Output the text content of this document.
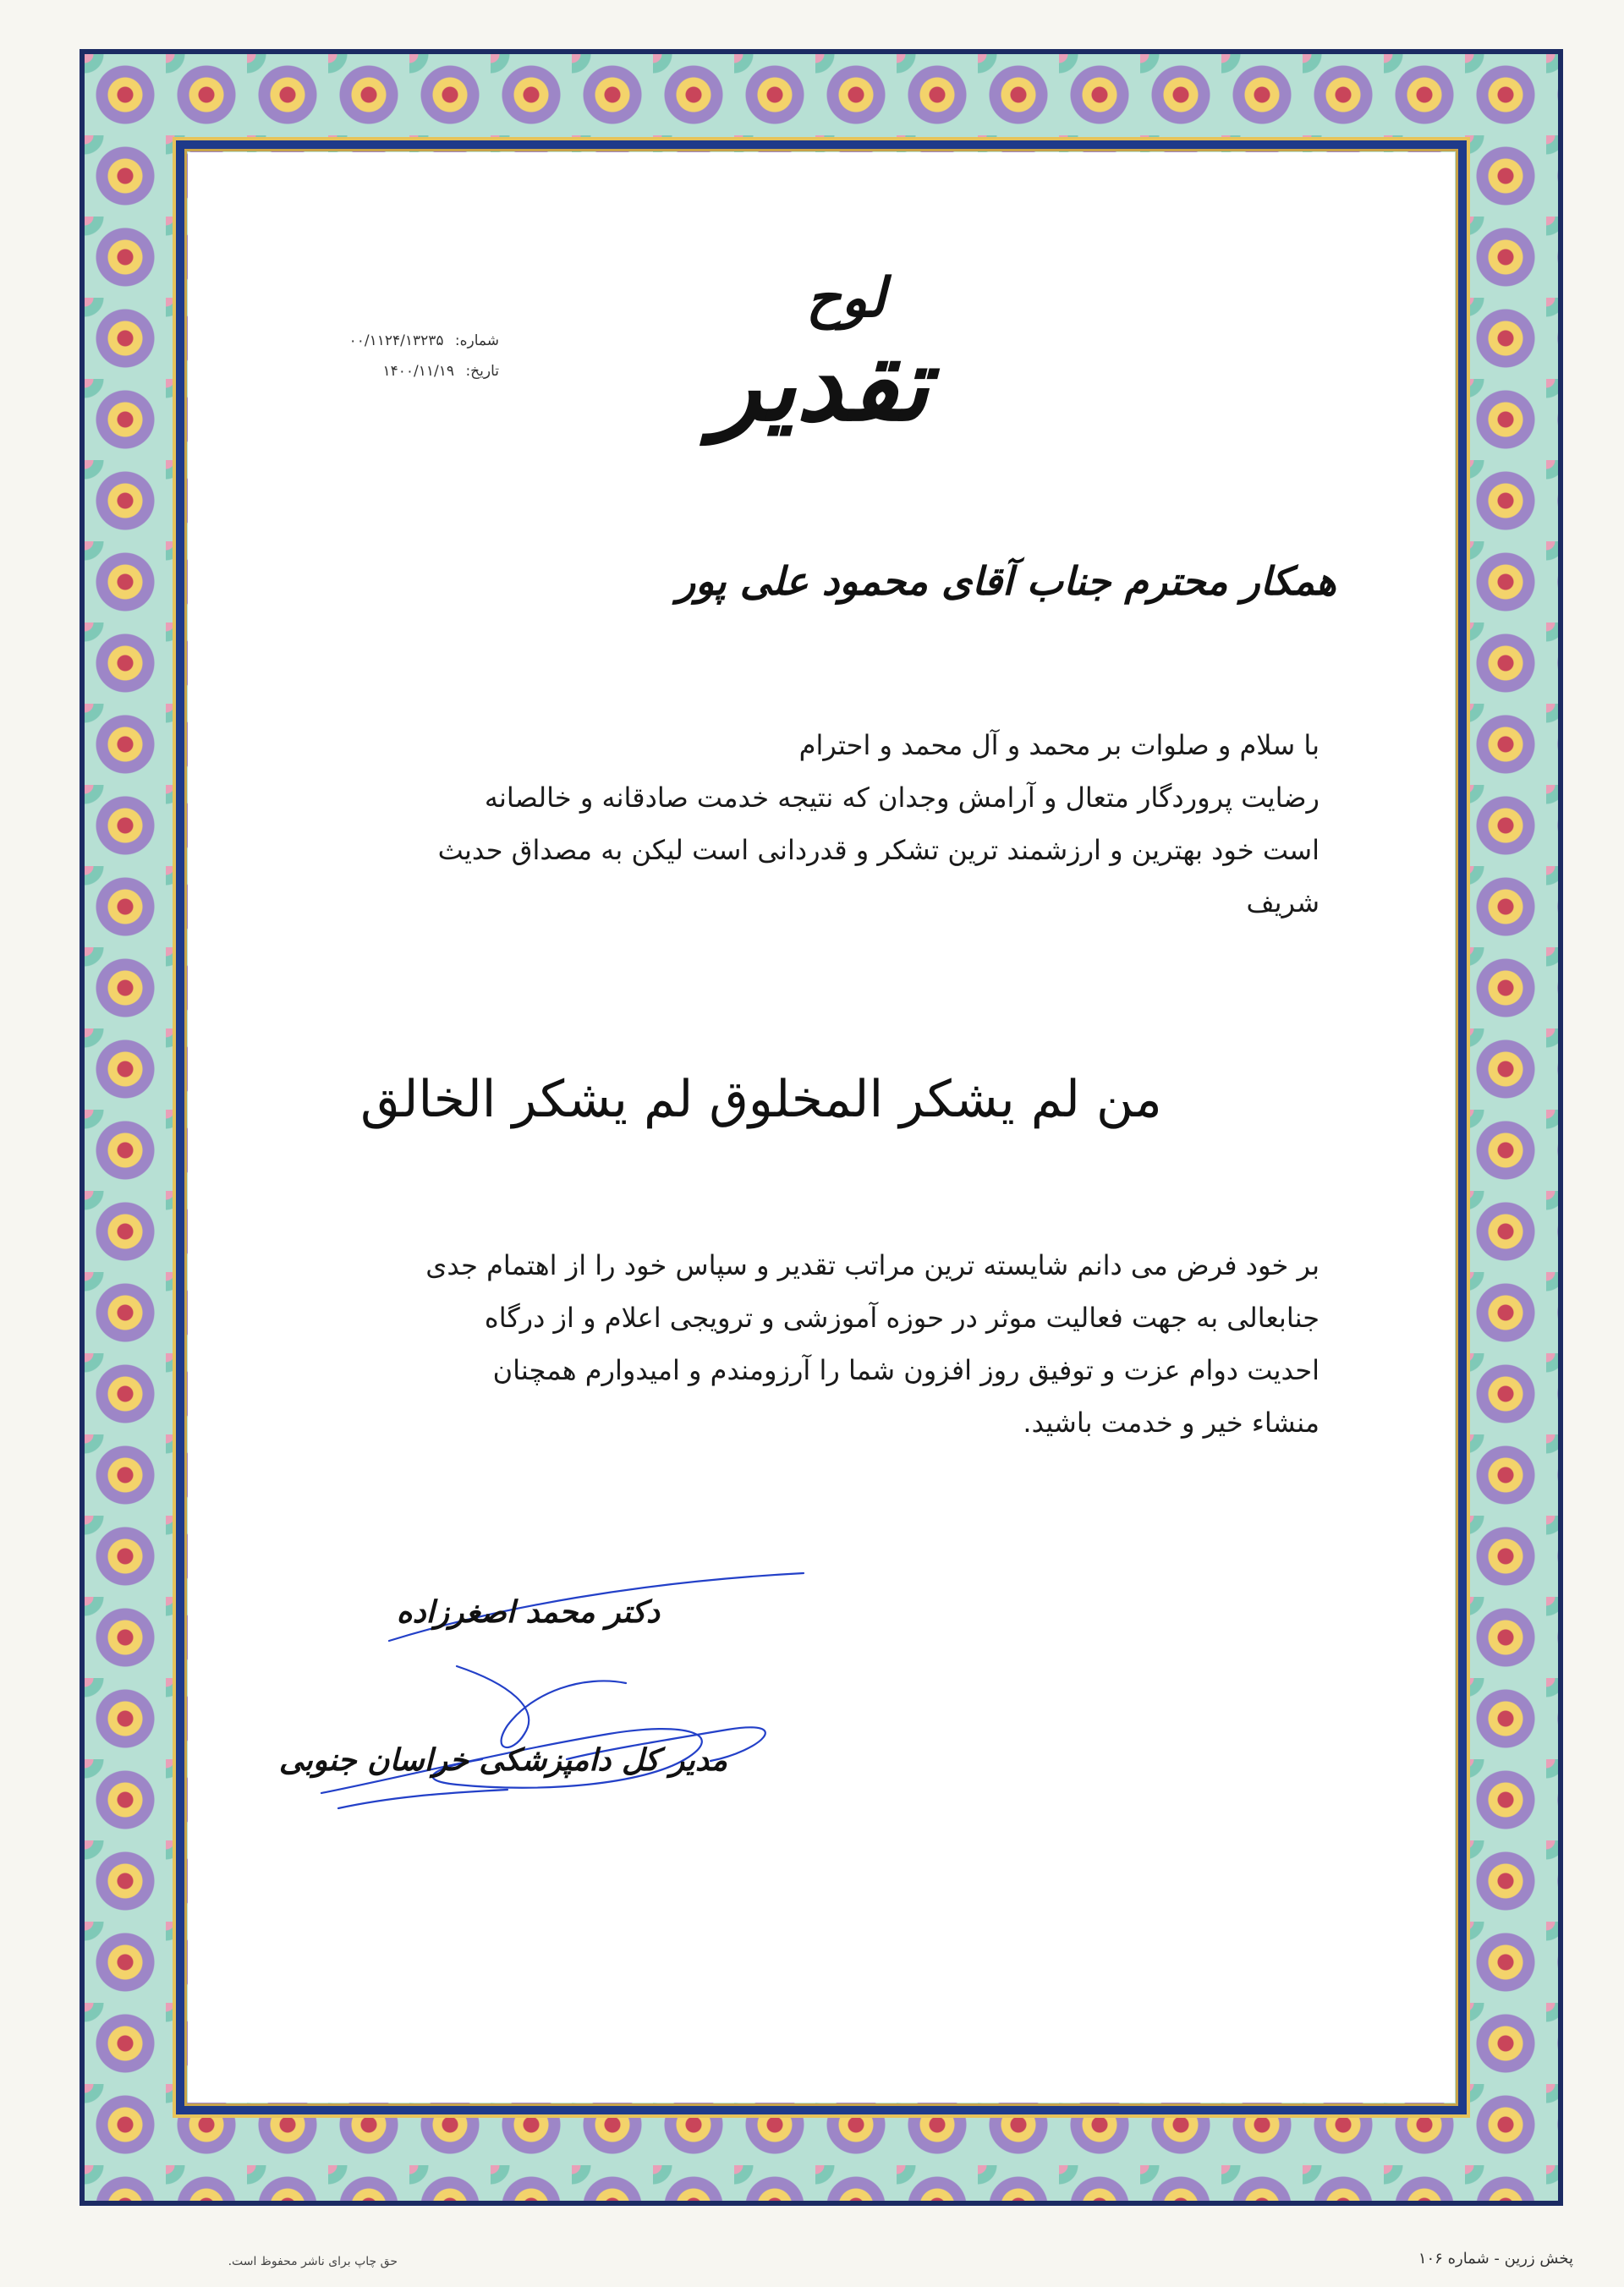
شماره: ۰۰/۱۱۲۴/۱۳۲۳۵
تاریخ: ۱۴۰۰/۱۱/۱۹
لوح
تقدیر
همکار محترم جناب آقای محمود علی پور

با سلام و صلوات بر محمد و آل محمد و احترام

رضایت پروردگار متعال و آرامش وجدان که نتیجه خدمت صادقانه و خالصانه

است خود بهترین و ارزشمند ترین تشکر و قدردانی است لیکن به مصداق حدیث

شریف

من لم یشکر المخلوق لم یشکر الخالق

بر خود فرض می دانم شایسته ترین مراتب تقدیر و سپاس خود را از اهتمام جدی

جنابعالی به جهت فعالیت موثر در حوزه آموزشی و ترویجی اعلام و از درگاه

احدیت دوام عزت و توفیق روز افزون شما را آرزومندم و امیدوارم همچنان

منشاء خیر و خدمت باشید.

دکتر محمد اصغرزاده
مدیر کل دامپزشکی خراسان جنوبی
حق چاپ برای ناشر محفوظ است.	پخش زرین - شماره ۱۰۶
